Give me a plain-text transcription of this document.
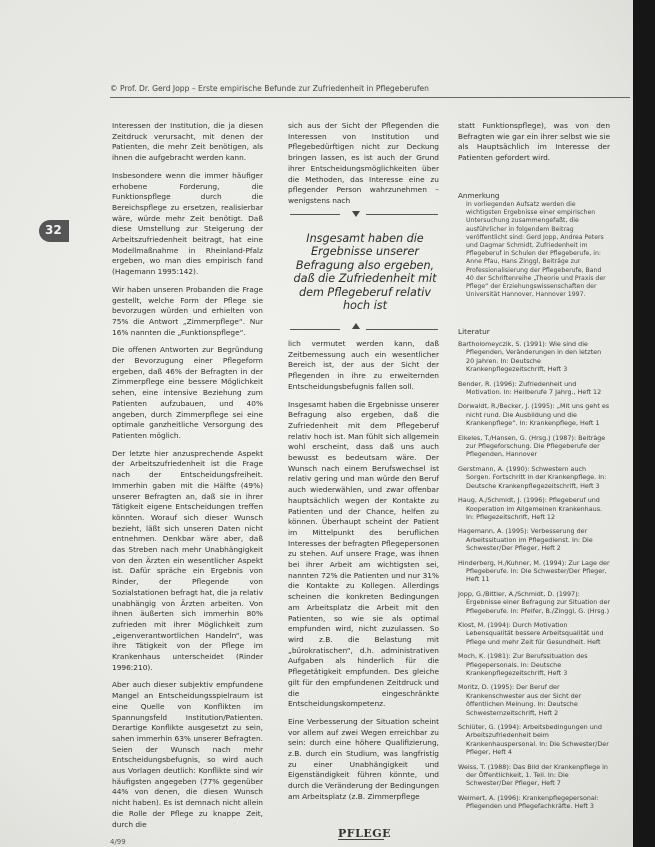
© Prof. Dr. Gerd Jopp – Erste empirische Befunde zur Zufriedenheit in Pflegeberufen
32

Interessen der Institution, die ja diesen Zeitdruck verursacht, mit denen der Patienten, die mehr Zeit benötigen, als ihnen die aufgebracht werden kann.

Insbesondere wenn die immer häufiger erhobene Forderung, die Funktionspflege durch die Bereichspflege zu ersetzen, realisierbar wäre, würde mehr Zeit benötigt. Daß diese Umstellung zur Steigerung der Arbeitszufriedenheit beitragt, hat eine Modellmaßnahme in Rheinland-Pfalz ergeben, wo man dies empirisch fand (Hagemann 1995:142).

Wir haben unseren Probanden die Frage gestellt, welche Form der Pflege sie bevorzugen würden und erhielten von 75% die Antwort „Zimmerpflege“. Nur 16% nannten die „Funktionspflege“.

Die offenen Antworten zur Begründung der Bevorzugung einer Pflegeform ergeben, daß 46% der Befragten in der Zimmerpflege eine bessere Möglichkeit sehen, eine intensive Beziehung zum Patienten aufzubauen, und 40% angeben, durch Zimmerpflege sei eine optimale ganzheitliche Versorgung des Patienten möglich.

Der letzte hier anzusprechende Aspekt der Arbeitszufriedenheit ist die Frage nach der Entscheidungsfreiheit. Immerhin gaben mit die Hälfte (49%) unserer Befragten an, daß sie in ihrer Tätigkeit eigene Entscheidungen treffen könnten. Worauf sich dieser Wunsch bezieht, läßt sich unseren Daten nicht entnehmen. Denkbar wäre aber, daß das Streben nach mehr Unabhängigkeit von den Ärzten ein wesentlicher Aspekt ist. Dafür spräche ein Ergebnis von Rinder, der Pflegende von Sozialstationen befragt hat, die ja relativ unabhängig von Ärzten arbeiten. Von ihnen äußerten sich immerhin 80% zufrieden mit ihrer Möglichkeit zum „eigenverantwortlichen Handeln“, was ihre Tätigkeit von der Pflege im Krankenhaus unterscheidet (Rinder 1996:210).

Aber auch dieser subjektiv empfundene Mangel an Entscheidungsspielraum ist eine Quelle von Konflikten im Spannungsfeld Institution/Patienten. Derartige Konflikte ausgesetzt zu sein, sahen immerhin 63% unserer Befragten. Seien der Wunsch nach mehr Entscheidungsbefugnis, so wird auch aus Vorlagen deutlich: Konflikte sind wir häufigsten angegeben (77% gegenüber 44% von denen, die diesen Wunsch nicht haben). Es ist demnach nicht allein die Rolle der Pflege zu knappe Zeit, durch die

sich aus der Sicht der Pflegenden die Interessen von Institution und Pflegebedürftigen nicht zur Deckung bringen lassen, es ist auch der Grund ihrer Entscheidungsmöglichkeiten über die Methoden, das Interesse eine zu pflegender Person wahrzunehmen – wenigstens nach

Insgesamt haben die Ergebnisse unserer Befragung also ergeben, daß die Zufriedenheit mit dem Pflegeberuf relativ hoch ist

lich vermutet werden kann, daß Zeitbemessung auch ein wesentlicher Bereich ist, der aus der Sicht der Pflegenden in ihre zu erweiternden Entscheidungsbefugnis fallen soll.

Insgesamt haben die Ergebnisse unserer Befragung also ergeben, daß die Zufriedenheit mit dem Pflegeberuf relativ hoch ist. Man fühlt sich allgemein wohl erscheint, dass daß uns auch bewusst es bedeutsam wäre. Der Wunsch nach einem Berufswechsel ist relativ gering und man würde den Beruf auch wiederwählen, und zwar offenbar hauptsächlich wegen der Kontakte zu Patienten und der Chance, helfen zu können. Überhaupt scheint der Patient im Mittelpunkt des beruflichen Interesses der befragten Pflegepersonen zu stehen. Auf unsere Frage, was ihnen bei ihrer Arbeit am wichtigsten sei, nannten 72% die Patienten und nur 31% die Kontakte zu Kollegen. Allerdings scheinen die konkreten Bedingungen am Arbeitsplatz die Arbeit mit den Patienten, so wie sie als optimal empfunden wird, nicht zuzulassen. So wird z.B. die Belastung mit „bürokratischen“, d.h. administrativen Aufgaben als hinderlich für die Pflegetätigkeit empfunden. Des gleiche gilt für den empfundenen Zeitdruck und die eingeschränkte Entscheidungskompetenz.

Eine Verbesserung der Situation scheint vor allem auf zwei Wegen erreichbar zu sein: durch eine höhere Qualifizierung, z.B. durch ein Studium, was langfristig zu einer Unabhängigkeit und Eigenständigkeit führen könnte, und durch die Veränderung der Bedingungen am Arbeitsplatz (z.B. Zimmerpflege

statt Funktionspflege), was von den Befragten wie gar ein ihrer selbst wie sie als Hauptsächlich im Interesse der Patienten gefordert wird.

Anmerkung
In vorliegenden Aufsatz werden die wichtigsten Ergebnisse einer empirischen Untersuchung zusammengefaßt, die ausführlicher in folgendem Beitrag veröffentlicht sind: Gerd Jopp, Andrea Peters und Dagmar Schmidt, Zufriedenheit im Pflegeberuf in Schulen der Pflegeberufe, in: Anne Pfau, Hans Zinggl, Beiträge zur Professionalisierung der Pflegeberufe, Band 40 der Schriftenreihe „Theorie und Praxis der Pflege“ der Erziehungswissenschaften der Universität Hannover, Hannover 1997.
Literatur
Bartholomeyczik, S. (1991): Wie sind die Pflegenden, Veränderungen in den letzten 20 Jahren. In: Deutsche Krankenpflegezeitschrift, Heft 3
Bender, R. (1996): Zufriedenheit und Motivation. In: Heilberufe 7 Jahrg., Heft 12
Dorwaldt, R./Becker, J. (1995): „Mit uns geht es nicht rund. Die Ausbildung und die Krankenpflege“. In: Krankenpflege, Heft 1
Elkeles, T./Hansen, G. (Hrsg.) (1987): Beiträge zur Pflegeforschung. Die Pflegeberufe der Pflegenden, Hannover
Gerstmann, A. (1990): Schwestern auch Sorgen. Fortschritt in der Krankenpflege. In: Deutsche Krankenpflegezeitschrift, Heft 3
Haug, A./Schmidt, J. (1996): Pflegeberuf und Kooperation im Allgemeinen Krankenhaus. In: Pflegezeitschrift, Heft 12
Hagemann, A. (1995): Verbesserung der Arbeitssituation im Pflegedienst. In: Die Schwester/Der Pfleger, Heft 2
Hinderberg, H./Kuhner, M. (1994): Zur Lage der Pflegeberufe. In: Die Schwester/Der Pfleger, Heft 11
Jopp, G./Bittler, A./Schmidt, D. (1997): Ergebnisse einer Befragung zur Situation der Pflegeberufe. In: Pfeifer, B./Zinggl, G. (Hrsg.)
Klost, M. (1994): Durch Motivation Lebensqualität bessere Arbeitsqualität und Pflege und mehr Zeit für Gesundheit. Heft
Moch, K. (1981): Zur Berufssituation des Pflegepersonals. In: Deutsche Krankenpflegezeitschrift, Heft 3
Moritz, D. (1995): Der Beruf der Krankenschwester aus der Sicht der öffentlichen Meinung. In: Deutsche Schwesternzeitschrift, Heft 2
Schlüter, G. (1994): Arbeitsbedingungen und Arbeitszufriedenheit beim Krankenhauspersonal. In: Die Schwester/Der Pfleger, Heft 4
Weiss, T. (1988): Das Bild der Krankenpflege in der Öffentlichkeit, 1. Teil. In: Die Schwester/Der Pfleger, Heft 7
Weimert, A. (1996): Krankenpflegepersonal: Pflegenden und Pflegefachkräfte. Heft 3
PFLEGE
4/99
